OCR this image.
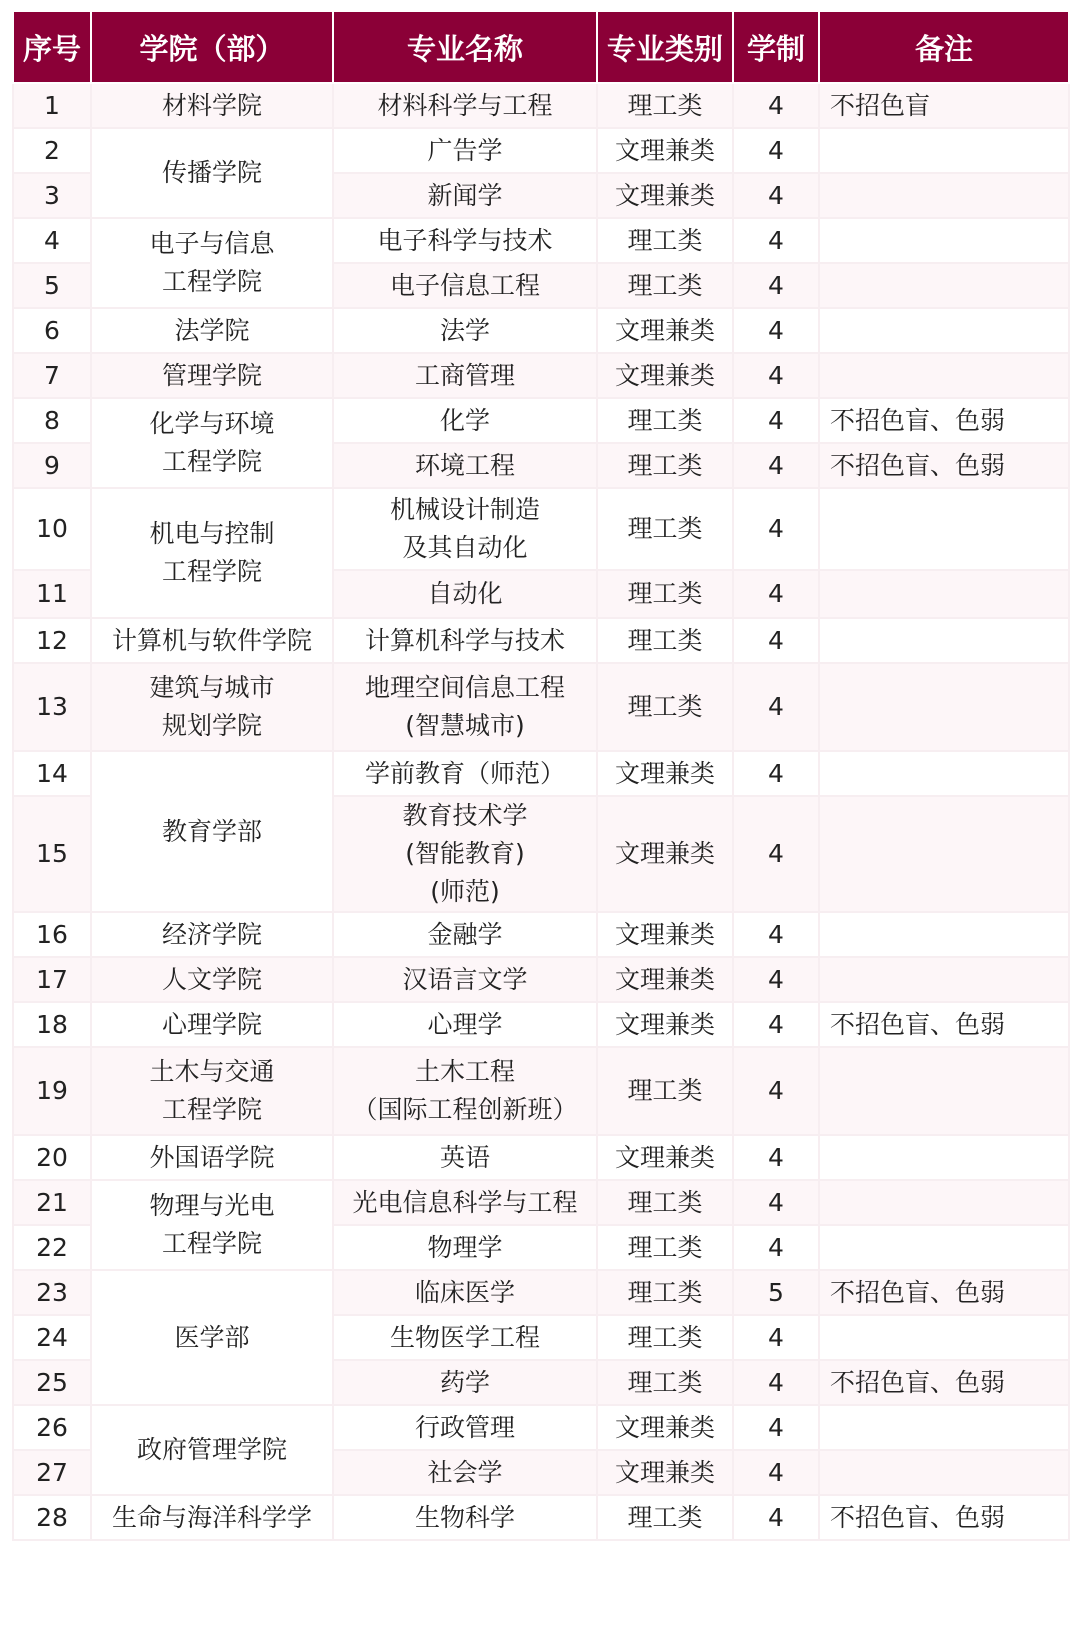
序号	学院（部）	专业名称	专业类别	学制	备注
1	材料学院	材料科学与工程	理工类	4	不招色盲
2	传播学院	广告学	文理兼类	4	
3		新闻学	文理兼类	4	
4	电子与信息
工程学院	电子科学与技术	理工类	4	
5		电子信息工程	理工类	4	
6	法学院	法学	文理兼类	4	
7	管理学院	工商管理	文理兼类	4	
8	化学与环境
工程学院	化学	理工类	4	不招色盲、色弱
9		环境工程	理工类	4	不招色盲、色弱
10	机电与控制
工程学院	机械设计制造
及其自动化	理工类	4	
11		自动化	理工类	4	
12	计算机与软件学院	计算机科学与技术	理工类	4	
13	建筑与城市
规划学院	地理空间信息工程
(智慧城市)	理工类	4	
14	教育学部	学前教育（师范）	文理兼类	4	
15		教育技术学
(智能教育)
(师范)	文理兼类	4	
16	经济学院	金融学	文理兼类	4	
17	人文学院	汉语言文学	文理兼类	4	
18	心理学院	心理学	文理兼类	4	不招色盲、色弱
19	土木与交通
工程学院	土木工程
（国际工程创新班）	理工类	4	
20	外国语学院	英语	文理兼类	4	
21	物理与光电
工程学院	光电信息科学与工程	理工类	4	
22		物理学	理工类	4	
23	医学部	临床医学	理工类	5	不招色盲、色弱
24		生物医学工程	理工类	4	
25		药学	理工类	4	不招色盲、色弱
26	政府管理学院	行政管理	文理兼类	4	
27		社会学	文理兼类	4	
28	生命与海洋科学学	生物科学	理工类	4	不招色盲、色弱
